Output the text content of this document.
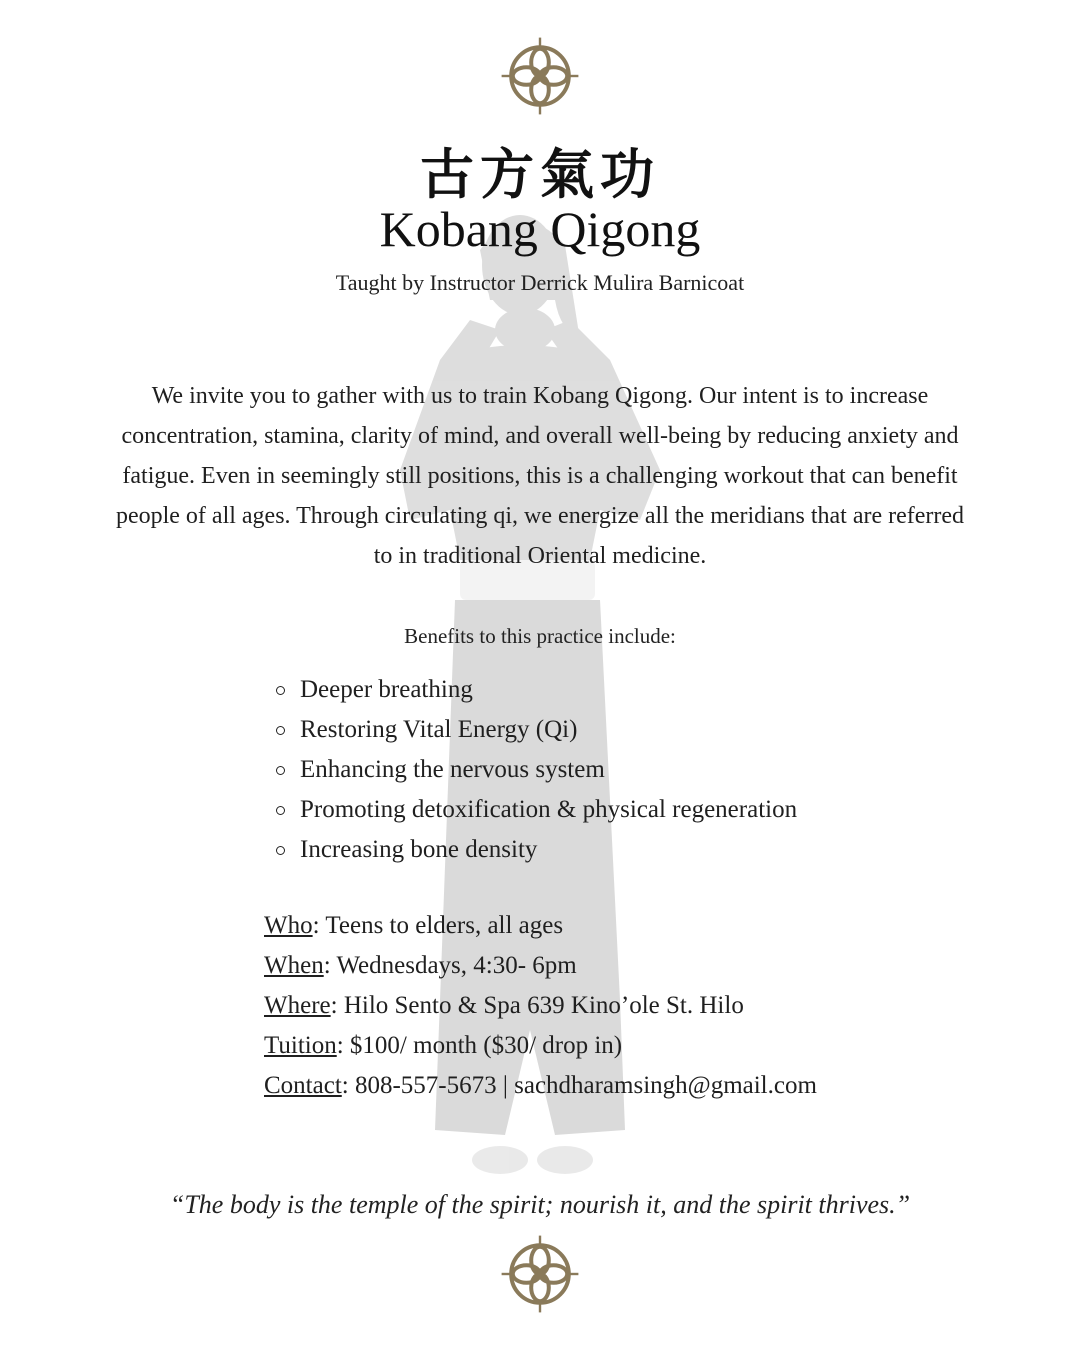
古方氣功
Kobang Qigong
Taught by Instructor Derrick Mulira Barnicoat
We invite you to gather with us to train Kobang Qigong. Our intent is to increase concentration, stamina, clarity of mind, and overall well-being by reducing anxiety and fatigue. Even in seemingly still positions, this is a challenging workout that can benefit people of all ages. Through circulating qi, we energize all the meridians that are referred to in traditional Oriental medicine.
Benefits to this practice include:
Deeper breathing
Restoring Vital Energy (Qi)
Enhancing the nervous system
Promoting detoxification & physical regeneration
Increasing bone density
Who: Teens to elders, all ages
When: Wednesdays, 4:30- 6pm
Where: Hilo Sento & Spa 639 Kino’ole St. Hilo
Tuition: $100/ month ($30/ drop in)
Contact: 808-557-5673 | sachdharamsingh@gmail.com
“The body is the temple of the spirit; nourish it, and the spirit thrives.”
